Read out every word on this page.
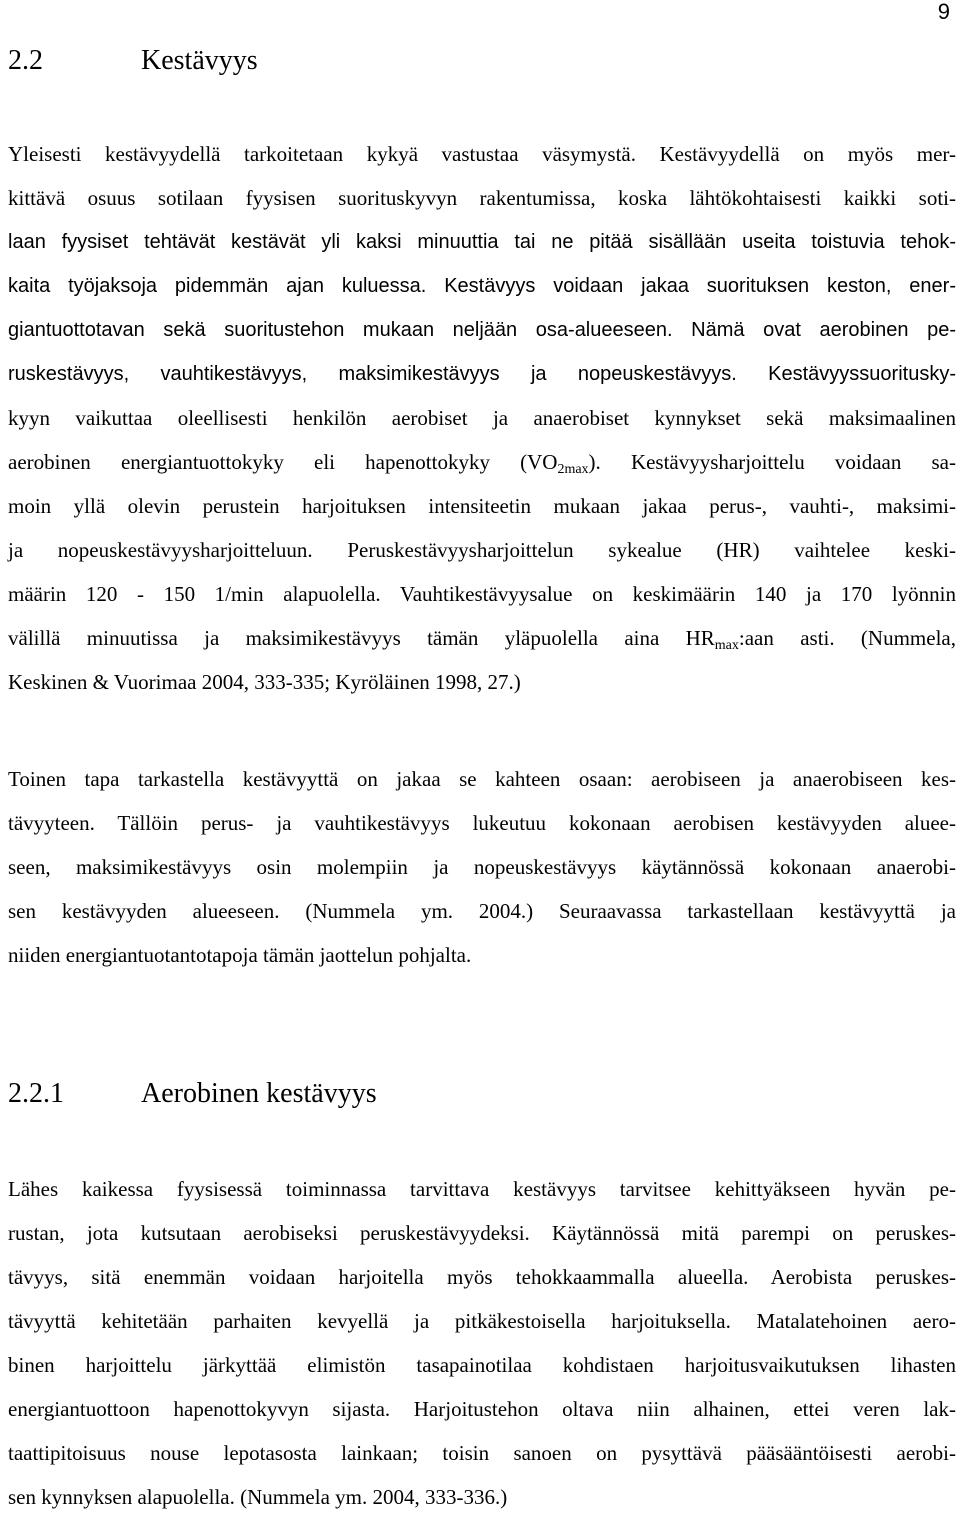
9
2.2	Kestävyys
Yleisesti kestävyydellä tarkoitetaan kykyä vastustaa väsymystä. Kestävyydellä on myös mer-
kittävä osuus sotilaan fyysisen suorituskyvyn rakentumissa, koska lähtökohtaisesti kaikki soti-
laan fyysiset tehtävät kestävät yli kaksi minuuttia tai ne pitää sisällään useita toistuvia tehok-
kaita työjaksoja pidemmän ajan kuluessa. Kestävyys voidaan jakaa suorituksen keston, ener-
giantuottotavan sekä suoritustehon mukaan neljään osa-alueeseen. Nämä ovat aerobinen pe-
ruskestävyys, vauhtikestävyys, maksimikestävyys ja nopeuskestävyys. Kestävyyssuoritusky-
kyyn vaikuttaa oleellisesti henkilön aerobiset ja anaerobiset kynnykset sekä maksimaalinen
aerobinen energiantuottokyky eli hapenottokyky $(VO_{2max})$. Kestävyysharjoittelu voidaan sa-
moin yllä olevin perustein harjoituksen intensiteetin mukaan jakaa perus-, vauhti-, maksimi-
ja nopeuskestävyysharjoitteluun. Peruskestävyysharjoittelun sykealue (HR) vaihtelee keski-
määrin 120 - 150 1/min alapuolella. Vauhtikestävyysalue on keskimäärin 140 ja 170 lyönnin
välillä minuutissa ja maksimikestävyys tämän yläpuolella aina $HR_{max}:aan$ asti. (Nummela,
Keskinen & Vuorimaa 2004, 333-335; Kyröläinen 1998, 27.)
Toinen tapa tarkastella kestävyyttä on jakaa se kahteen osaan: aerobiseen ja anaerobiseen kes-
tävyyteen. Tällöin perus- ja vauhtikestävyys lukeutuu kokonaan aerobisen kestävyyden aluee-
seen, maksimikestävyys osin molempiin ja nopeuskestävyys käytännössä kokonaan anaerobi-
sen kestävyyden alueeseen. (Nummela ym. 2004.) Seuraavassa tarkastellaan kestävyyttä ja
niiden energiantuotantotapoja tämän jaottelun pohjalta.
2.2.1	Aerobinen kestävyys
Lähes kaikessa fyysisessä toiminnassa tarvittava kestävyys tarvitsee kehittyäkseen hyvän pe-
rustan, jota kutsutaan aerobiseksi peruskestävyydeksi. Käytännössä mitä parempi on peruskes-
tävyys, sitä enemmän voidaan harjoitella myös tehokkaammalla alueella. Aerobista peruskes-
tävyyttä kehitetään parhaiten kevyellä ja pitkäkestoisella harjoituksella. Matalatehoinen aero-
binen harjoittelu järkyttää elimistön tasapainotilaa kohdistaen harjoitusvaikutuksen lihasten
energiantuottoon hapenottokyvyn sijasta. Harjoitustehon oltava niin alhainen, ettei veren lak-
taattipitoisuus nouse lepotasosta lainkaan; toisin sanoen on pysyttävä pääsääntöisesti aerobi-
sen kynnyksen alapuolella. (Nummela ym. 2004, 333-336.)
